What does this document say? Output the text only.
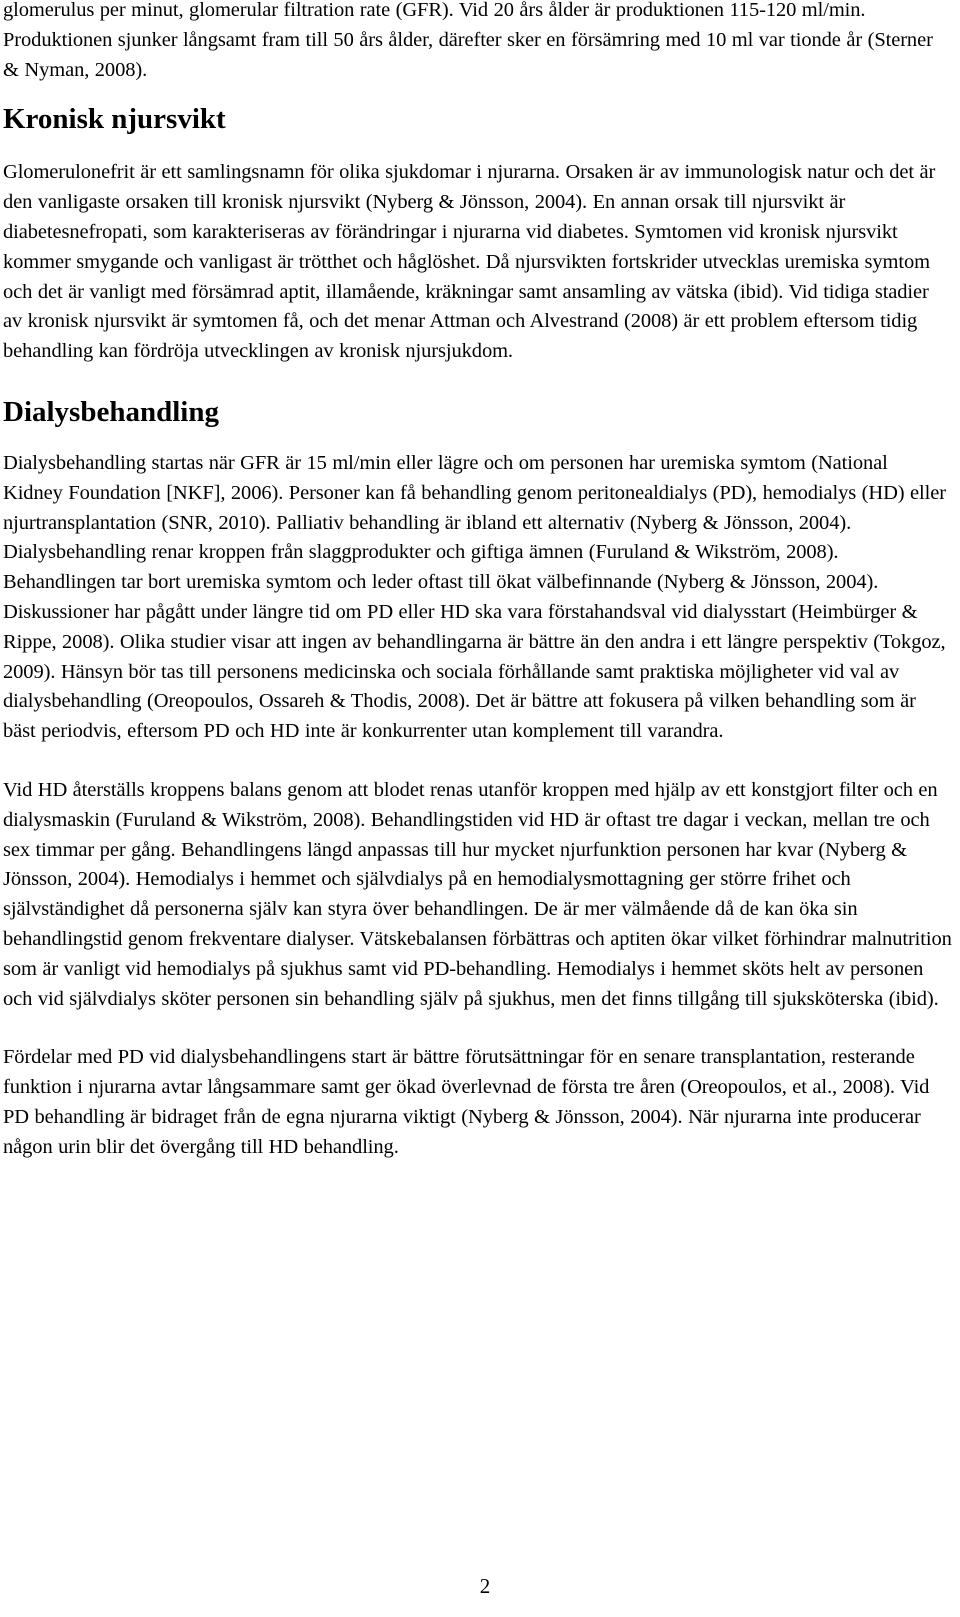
glomerulus per minut, glomerular filtration rate (GFR). Vid 20 års ålder är produktionen 115-120 ml/min. Produktionen sjunker långsamt fram till 50 års ålder, därefter sker en försämring med 10 ml var tionde år (Sterner & Nyman, 2008).

Kronisk njursvikt

Glomerulonefrit är ett samlingsnamn för olika sjukdomar i njurarna. Orsaken är av immunologisk natur och det är den vanligaste orsaken till kronisk njursvikt (Nyberg & Jönsson, 2004). En annan orsak till njursvikt är diabetesnefropati, som karakteriseras av förändringar i njurarna vid diabetes. Symtomen vid kronisk njursvikt kommer smygande och vanligast är trötthet och håglöshet. Då njursvikten fortskrider utvecklas uremiska symtom och det är vanligt med försämrad aptit, illamående, kräkningar samt ansamling av vätska (ibid). Vid tidiga stadier av kronisk njursvikt är symtomen få, och det menar Attman och Alvestrand (2008) är ett problem eftersom tidig behandling kan fördröja utvecklingen av kronisk njursjukdom.

Dialysbehandling

Dialysbehandling startas när GFR är 15 ml/min eller lägre och om personen har uremiska symtom (National Kidney Foundation [NKF], 2006). Personer kan få behandling genom peritonealdialys (PD), hemodialys (HD) eller njurtransplantation (SNR, 2010). Palliativ behandling är ibland ett alternativ (Nyberg & Jönsson, 2004). Dialysbehandling renar kroppen från slaggprodukter och giftiga ämnen (Furuland & Wikström, 2008). Behandlingen tar bort uremiska symtom och leder oftast till ökat välbefinnande (Nyberg & Jönsson, 2004). Diskussioner har pågått under längre tid om PD eller HD ska vara förstahandsval vid dialysstart (Heimbürger & Rippe, 2008). Olika studier visar att ingen av behandlingarna är bättre än den andra i ett längre perspektiv (Tokgoz, 2009). Hänsyn bör tas till personens medicinska och sociala förhållande samt praktiska möjligheter vid val av dialysbehandling (Oreopoulos, Ossareh & Thodis, 2008). Det är bättre att fokusera på vilken behandling som är bäst periodvis, eftersom PD och HD inte är konkurrenter utan komplement till varandra.

Vid HD återställs kroppens balans genom att blodet renas utanför kroppen med hjälp av ett konstgjort filter och en dialysmaskin (Furuland & Wikström, 2008). Behandlingstiden vid HD är oftast tre dagar i veckan, mellan tre och sex timmar per gång. Behandlingens längd anpassas till hur mycket njurfunktion personen har kvar (Nyberg & Jönsson, 2004). Hemodialys i hemmet och självdialys på en hemodialysmottagning ger större frihet och självständighet då personerna själv kan styra över behandlingen. De är mer välmående då de kan öka sin behandlingstid genom frekventare dialyser. Vätskebalansen förbättras och aptiten ökar vilket förhindrar malnutrition som är vanligt vid hemodialys på sjukhus samt vid PD-behandling. Hemodialys i hemmet sköts helt av personen och vid självdialys sköter personen sin behandling själv på sjukhus, men det finns tillgång till sjuksköterska (ibid).

Fördelar med PD vid dialysbehandlingens start är bättre förutsättningar för en senare transplantation, resterande funktion i njurarna avtar långsammare samt ger ökad överlevnad de första tre åren (Oreopoulos, et al., 2008). Vid PD behandling är bidraget från de egna njurarna viktigt (Nyberg & Jönsson, 2004). När njurarna inte producerar någon urin blir det övergång till HD behandling.

2
